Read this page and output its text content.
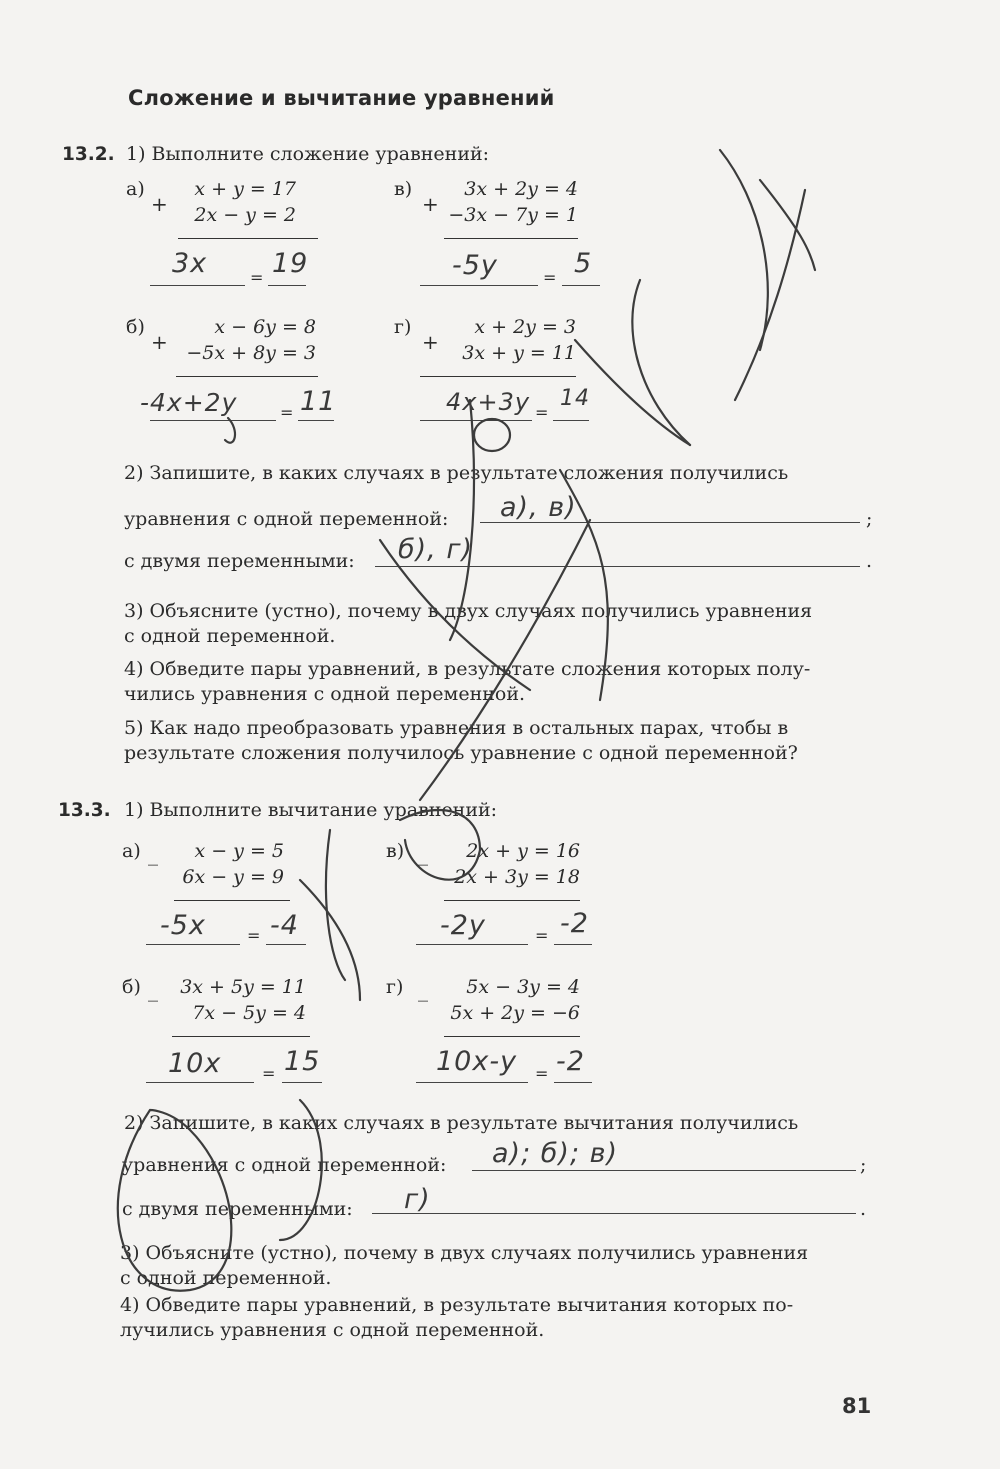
Сложение и вычитание уравнений
13.2. 1) Выполните сложение уравнений:
а)
+
x + y = 17
2x − y = 2
3x 19
=
в)
+
3x + 2y = 4
−3x − 7y = 1
-5y	5
=
б)
+
x − 6y = 8
−5x + 8y = 3
-4x+2y 11
=
г)
+
x + 2y = 3
3x + y = 11
4x+3y 14
=
2) Запишите, в каких случаях в результате сложения получились
уравнения с одной переменной:	;
а), в)
с двумя переменными:	.
б), г)
3) Объясните (устно), почему в двух случаях получились уравнения
с одной переменной.
4) Обведите пары уравнений, в результате сложения которых полу-
чились уравнения с одной переменной.
5) Как надо преобразовать уравнения в остальных парах, чтобы в
результате сложения получилось уравнение с одной переменной?
13.3. 1) Выполните вычитание уравнений:
а) _	x − y = 5
6x − y = 9
-5x -4
=
в) _	2x + y = 16
2x + 3y = 18
-2y	-2
=
б) _	3x + 5y = 11
7x − 5y = 4
10x 15
=
г) _	5x − 3y = 4
5x + 2y = −6
10x-y -2
=
2) Запишите, в каких случаях в результате вычитания получились
уравнения с одной переменной:	;
а); б); в)
с двумя переменными:	.
г)
3) Объясните (устно), почему в двух случаях получились уравнения
с одной переменной.
4) Обведите пары уравнений, в результате вычитания которых по-
лучились уравнения с одной переменной.
81
